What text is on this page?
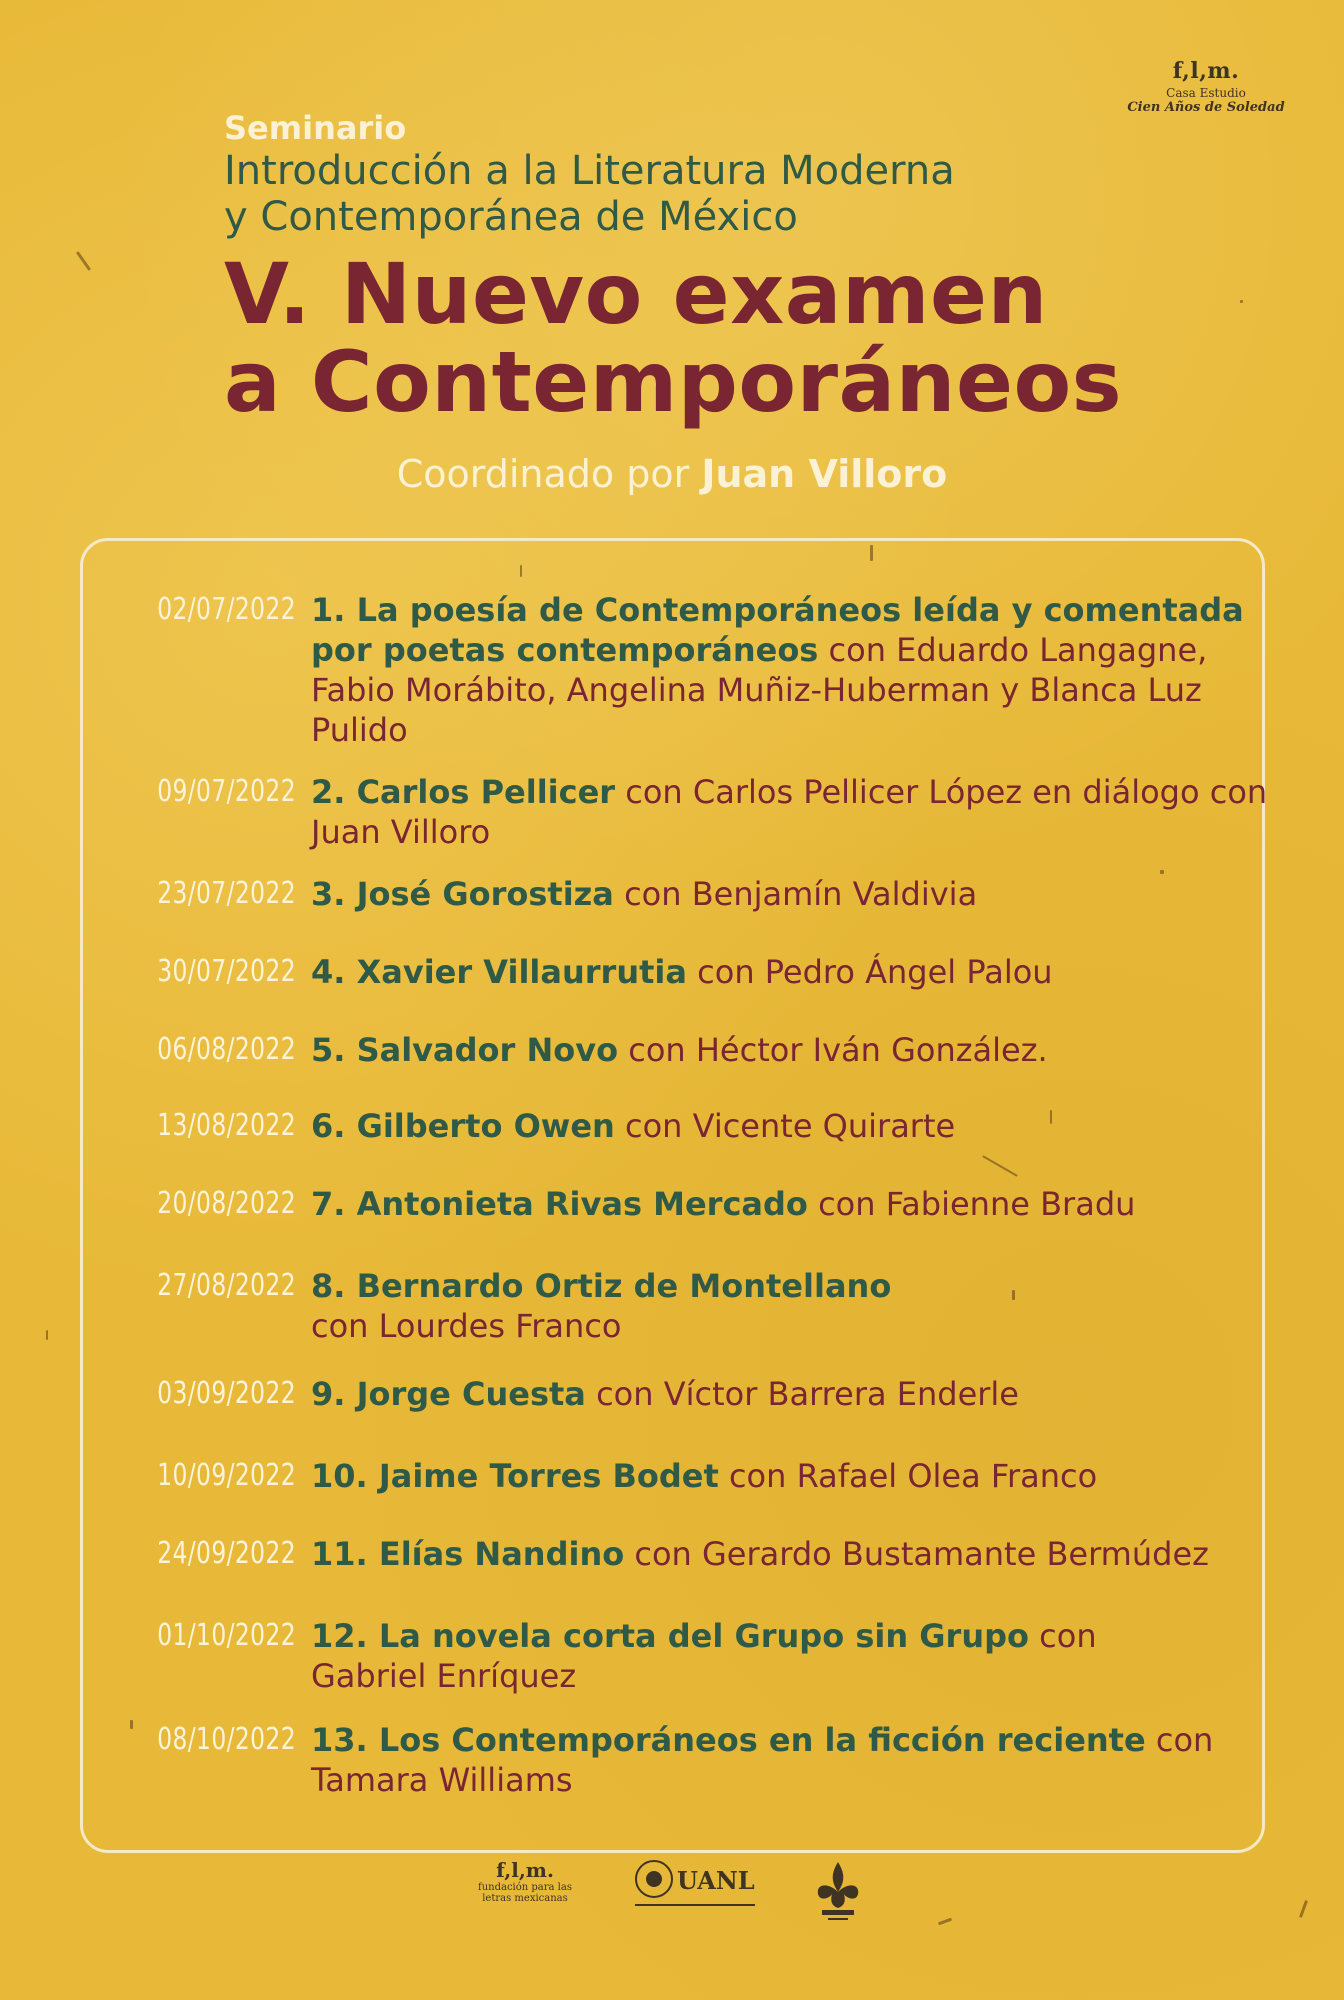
f,l,m.
Casa Estudio
Cien Años de Soledad

Seminario

Introducción a la Literatura Moderna

y Contemporánea de México

V. Nuevo examen

a Contemporáneos

Coordinado por Juan Villoro
02/07/2022 1. La poesía de Contemporáneos leída y comentada por poetas contemporáneos con Eduardo Langagne, Fabio Morábito, Angelina Muñiz-Huberman y Blanca Luz Pulido
09/07/2022 2. Carlos Pellicer con Carlos Pellicer López en diálogo con Juan Villoro
23/07/2022 3. José Gorostiza con Benjamín Valdivia
30/07/2022 4. Xavier Villaurrutia con Pedro Ángel Palou
06/08/2022 5. Salvador Novo con Héctor Iván González.
13/08/2022 6. Gilberto Owen con Vicente Quirarte
20/08/2022 7. Antonieta Rivas Mercado con Fabienne Bradu
27/08/2022 8. Bernardo Ortiz de Montellano con Lourdes Franco
03/09/2022 9. Jorge Cuesta con Víctor Barrera Enderle
10/09/2022 10. Jaime Torres Bodet con Rafael Olea Franco
24/09/2022 11. Elías Nandino con Gerardo Bustamante Bermúdez
01/10/2022 12. La novela corta del Grupo sin Grupo con Gabriel Enríquez
08/10/2022 13. Los Contemporáneos en la ficción reciente con Tamara Williams
f,l,m.
fundación para las
letras mexicanas
UANL
